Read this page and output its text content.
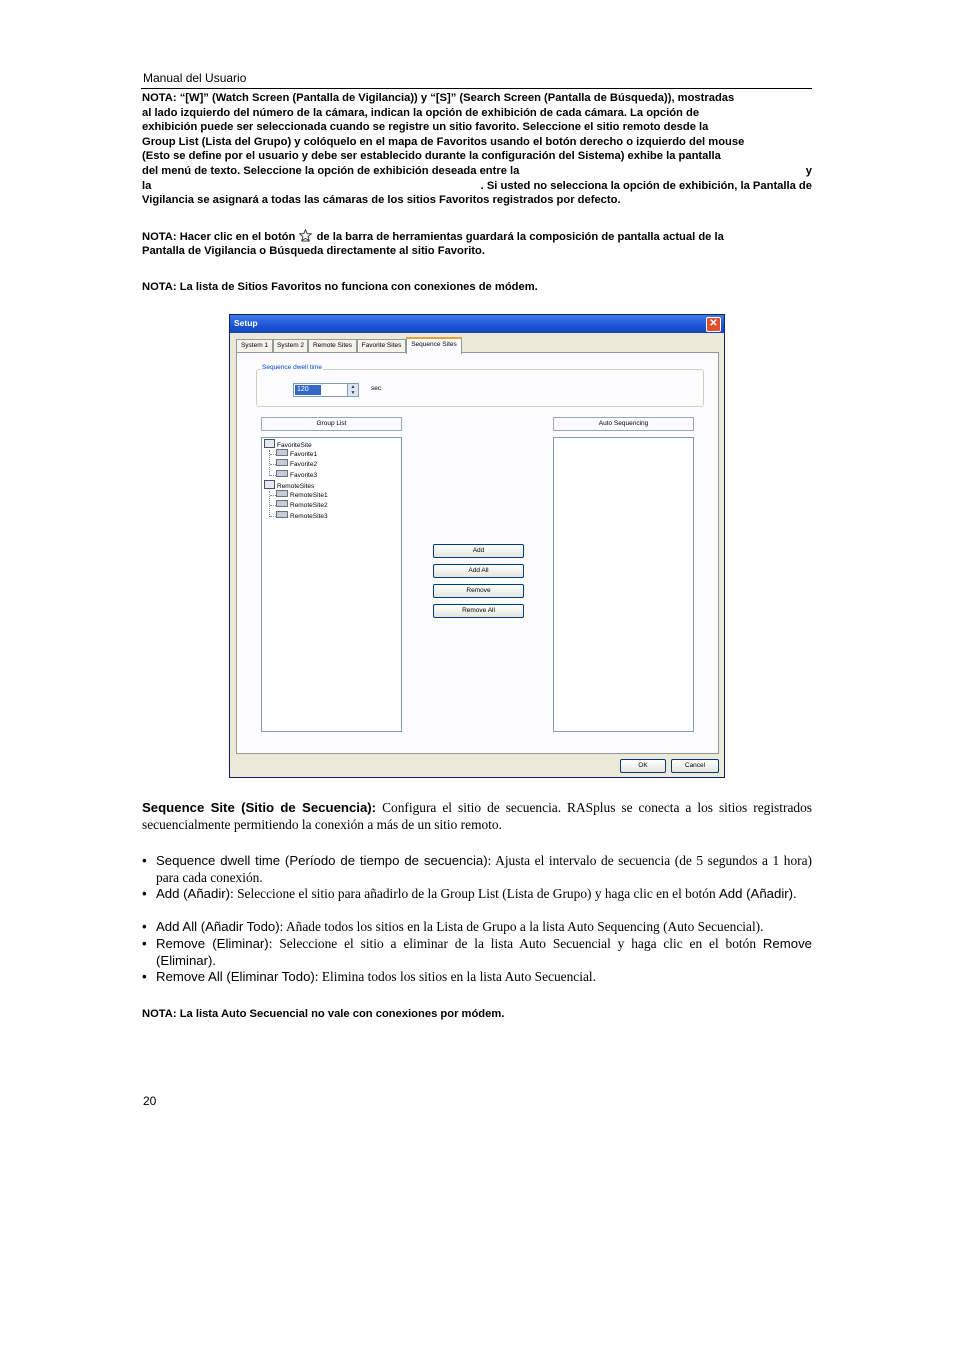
Manual del Usuario
NOTA: “[W]” (Watch Screen (Pantalla de Vigilancia)) y “[S]” (Search Screen (Pantalla de Búsqueda)), mostradas
al lado izquierdo del número de la cámara, indican la opción de exhibición de cada cámara. La opción de
exhibición puede ser seleccionada cuando se registre un sitio favorito. Seleccione el sitio remoto desde la
Group List (Lista del Grupo) y colóquelo en el mapa de Favoritos usando el botón derecho o izquierdo del mouse
(Esto se define por el usuario y debe ser establecido durante la configuración del Sistema) exhibe la pantalla
del menú de texto. Seleccione la opción de exhibición deseada entre la	y
la	. Si usted no selecciona la opción de exhibición, la Pantalla de
Vigilancia se asignará a todas las cámaras de los sitios Favoritos registrados por defecto.
NOTA: Hacer clic en el botón de la barra de herramientas guardará la composición de pantalla actual de la
Pantalla de Vigilancia o Búsqueda directamente al sitio Favorito.
NOTA: La lista de Sitios Favoritos no funciona con conexiones de módem.
Setup	✕
System 1	System 2	Remote Sites	Favorite Sites	Sequence Sites
Sequence dwell time
120	▲
▼
sec
Group List
FavoriteSite
Favorite1
Favorite2
Favorite3
RemoteSites
RemoteSite1
RemoteSite2
RemoteSite3
Add
Add All
Remove
Remove All
Auto Sequencing
OK	Cancel
Sequence Site (Sitio de Secuencia): Configura el sitio de secuencia. RASplus se conecta a los sitios registrados secuencialmente permitiendo la conexión a más de un sitio remoto.
• Sequence dwell time (Período de tiempo de secuencia): Ajusta el intervalo de secuencia (de 5 segundos a 1 hora) para cada conexión.
• Add (Añadir): Seleccione el sitio para añadirlo de la Group List (Lista de Grupo) y haga clic en el botón Add (Añadir).
• Add All (Añadir Todo): Añade todos los sitios en la Lista de Grupo a la lista Auto Sequencing (Auto Secuencial).
• Remove (Eliminar): Seleccione el sitio a eliminar de la lista Auto Secuencial y haga clic en el botón Remove (Eliminar).
• Remove All (Eliminar Todo): Elimina todos los sitios en la lista Auto Secuencial.
NOTA: La lista Auto Secuencial no vale con conexiones por módem.
20
